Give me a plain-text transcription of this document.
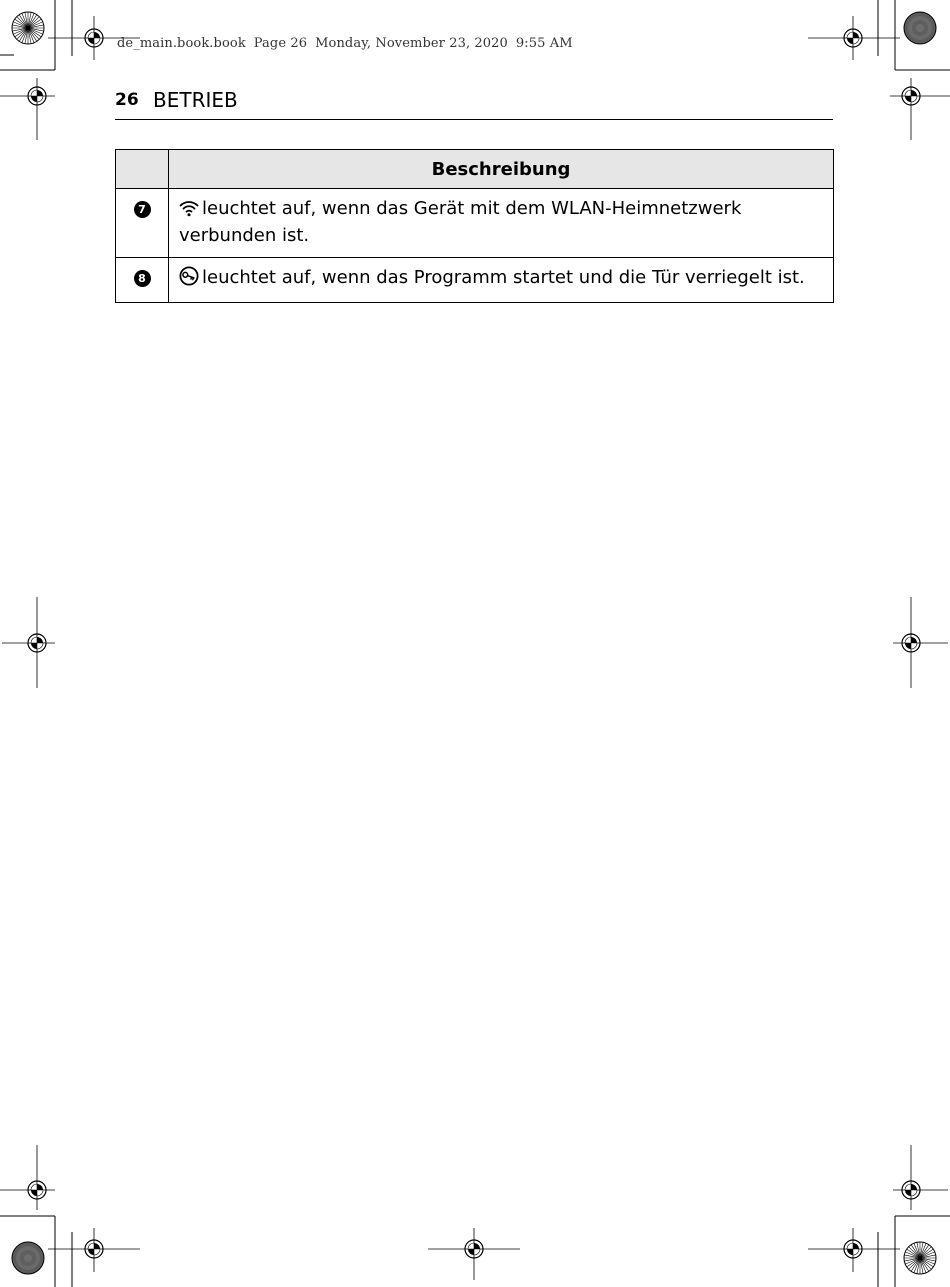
de_main.book.book Page 26 Monday, November 23, 2020 9:55 AM
26 BETRIEB
	Beschreibung
7	leuchtet auf, wenn das Gerät mit dem WLAN-Heimnetzwerk verbunden ist.
8	leuchtet auf, wenn das Programm startet und die Tür verriegelt ist.
